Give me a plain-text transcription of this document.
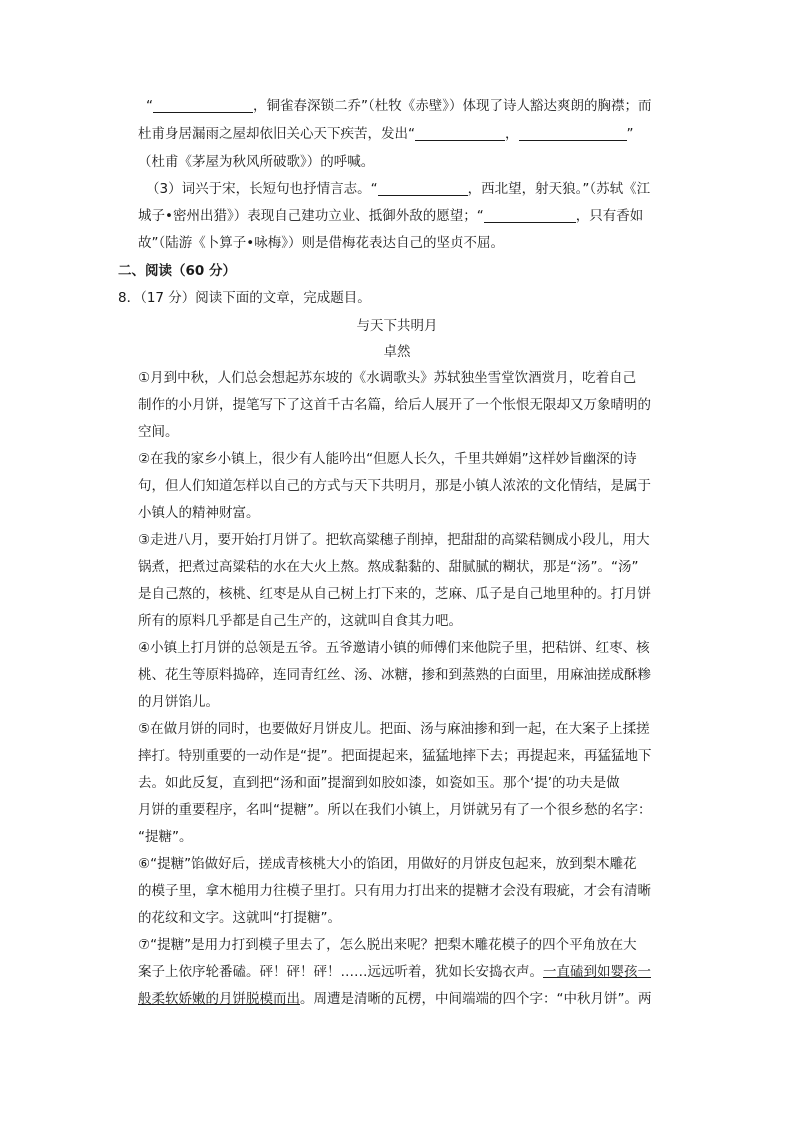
“	，铜雀春深锁二乔”（杜牧《赤壁》）体现了诗人豁达爽朗的胸襟；而
杜甫身居漏雨之屋却依旧关心天下疾苦，发出“	，	”
（杜甫《茅屋为秋风所破歌》）的呼喊。
（3）词兴于宋，长短句也抒情言志。“	，西北望，射天狼。”（苏轼《江
城子•密州出猎》）表现自己建功立业、抵御外敌的愿望；“	，只有香如
故”（陆游《卜算子•咏梅》）则是借梅花表达自己的坚贞不屈。
二、阅读（60 分）
8．（17 分）阅读下面的文章，完成题目。
与天下共明月
卓然
①月到中秋，人们总会想起苏东坡的《水调歌头》苏轼独坐雪堂饮酒赏月，吃着自己
制作的小月饼，提笔写下了这首千古名篇，给后人展开了一个怅恨无限却又万象晴明的
空间。
②在我的家乡小镇上，很少有人能吟出“但愿人长久，千里共婵娟”这样妙旨幽深的诗
句，但人们知道怎样以自己的方式与天下共明月，那是小镇人浓浓的文化情结，是属于
小镇人的精神财富。
③走进八月，要开始打月饼了。把软高粱穗子削掉，把甜甜的高粱秸铡成小段儿，用大
锅煮，把煮过高粱秸的水在大火上熬。熬成黏黏的、甜腻腻的糊状，那是“汤”。“汤”
是自己熬的，核桃、红枣是从自己树上打下来的，芝麻、瓜子是自己地里种的。打月饼
所有的原料几乎都是自己生产的，这就叫自食其力吧。
④小镇上打月饼的总领是五爷。五爷邀请小镇的师傅们来他院子里，把秸饼、红枣、核
桃、花生等原料捣碎，连同青红丝、汤、冰糖，掺和到蒸熟的白面里，用麻油搓成酥糁
的月饼馅儿。
⑤在做月饼的同时，也要做好月饼皮儿。把面、汤与麻油掺和到一起，在大案子上揉搓
摔打。特别重要的一动作是“提”。把面提起来，猛猛地摔下去；再提起来，再猛猛地下
去。如此反复，直到把“汤和面”提溜到如胶如漆，如瓷如玉。那个‘提’的功夫是做
月饼的重要程序，名叫“提糖”。所以在我们小镇上，月饼就另有了一个很乡愁的名字：
“提糖”。
⑥“提糖”馅做好后，搓成青核桃大小的馅团，用做好的月饼皮包起来，放到梨木雕花
的模子里，拿木槌用力往模子里打。只有用力打出来的提糖才会没有瑕疵，才会有清晰
的花纹和文字。这就叫“打提糖”。
⑦“提糖”是用力打到模子里去了，怎么脱出来呢？把梨木雕花模子的四个平角放在大
案子上依序轮番磕。砰！砰！砰！……远远听着，犹如长安捣衣声。一直磕到如婴孩一
般柔软娇嫩的月饼脱模而出。周遭是清晰的瓦楞，中间端端的四个字：“中秋月饼”。两
